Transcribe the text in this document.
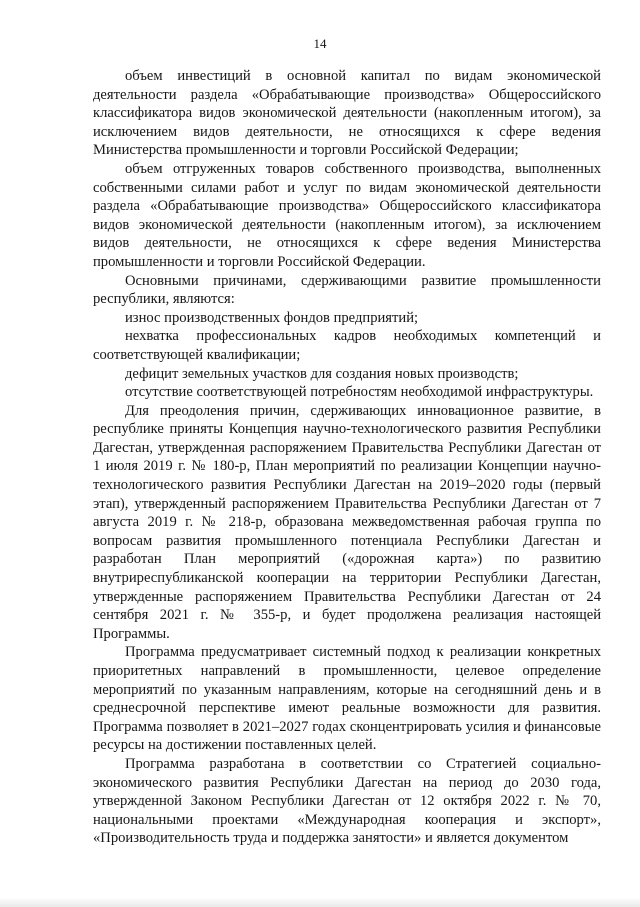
14

объем инвестиций в основной капитал по видам экономической деятельности раздела «Обрабатывающие производства» Общероссийского классификатора видов экономической деятельности (накопленным итогом), за исключением видов деятельности, не относящихся к сфере ведения Министерства промышленности и торговли Российской Федерации;

объем отгруженных товаров собственного производства, выполненных собственными силами работ и услуг по видам экономической деятельности раздела «Обрабатывающие производства» Общероссийского классификатора видов экономической деятельности (накопленным итогом), за исключением видов деятельности, не относящихся к сфере ведения Министерства промышленности и торговли Российской Федерации.

Основными причинами, сдерживающими развитие промышленности республики, являются:

износ производственных фондов предприятий;

нехватка профессиональных кадров необходимых компетенций и соответствующей квалификации;

дефицит земельных участков для создания новых производств;

отсутствие соответствующей потребностям необходимой инфраструктуры.

Для преодоления причин, сдерживающих инновационное развитие, в республике приняты Концепция научно-технологического развития Республики Дагестан, утвержденная распоряжением Правительства Республики Дагестан от 1 июля 2019 г. № 180-р, План мероприятий по реализации Концепции научно-технологического развития Республики Дагестан на 2019–2020 годы (первый этап), утвержденный распоряжением Правительства Республики Дагестан от 7 августа 2019 г. № 218-р, образована межведомственная рабочая группа по вопросам развития промышленного потенциала Республики Дагестан и разработан План мероприятий («дорожная карта») по развитию внутриреспубликанской кооперации на территории Республики Дагестан, утвержденные распоряжением Правительства Республики Дагестан от 24 сентября 2021 г. № 355-р, и будет продолжена реализация настоящей Программы.

Программа предусматривает системный подход к реализации конкретных приоритетных направлений в промышленности, целевое определение мероприятий по указанным направлениям, которые на сегодняшний день и в среднесрочной перспективе имеют реальные возможности для развития. Программа позволяет в 2021–2027 годах сконцентрировать усилия и финансовые ресурсы на достижении поставленных целей.

Программа разработана в соответствии со Стратегией социально-экономического развития Республики Дагестан на период до 2030 года, утвержденной Законом Республики Дагестан от 12 октября 2022 г. № 70, национальными проектами «Международная кооперация и экспорт», «Производительность труда и поддержка занятости» и является документом
